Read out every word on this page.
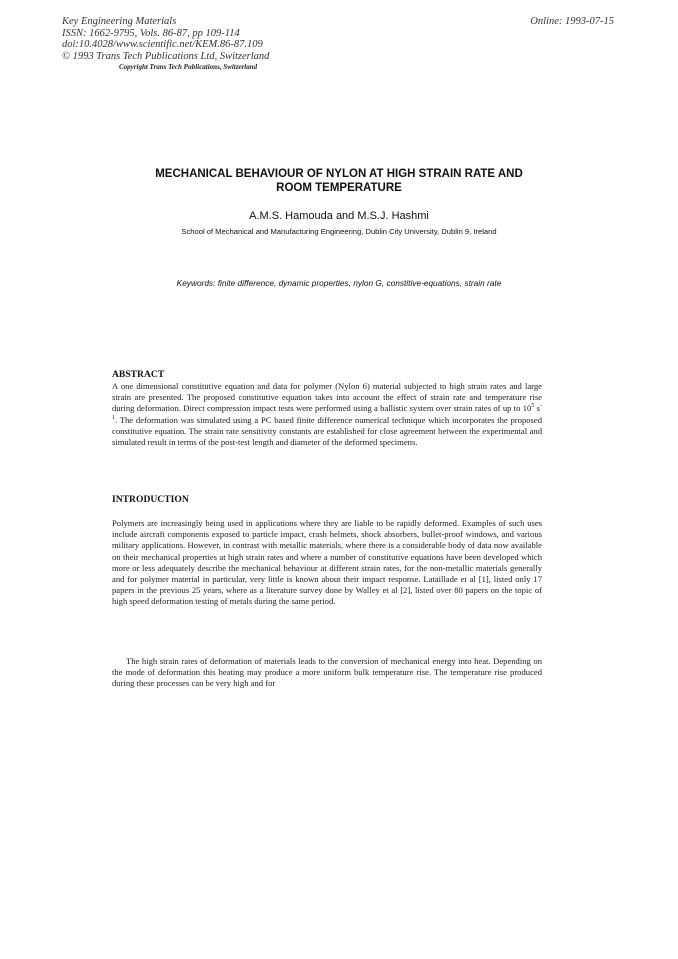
Key Engineering Materials
ISSN: 1662-9795, Vols. 86-87, pp 109-114
doi:10.4028/www.scientific.net/KEM.86-87.109
© 1993 Trans Tech Publications Ltd, Switzerland
Copyright Trans Tech Publications, Switzerland
Online: 1993-07-15
MECHANICAL BEHAVIOUR OF NYLON AT HIGH STRAIN RATE AND
ROOM TEMPERATURE
A.M.S. Hamouda and M.S.J. Hashmi
School of Mechanical and Manufacturing Engineering, Dublin City University, Dublin 9, Ireland
Keywords: finite difference, dynamic properties, nylon G, constitive-equations, strain rate
ABSTRACT

A one dimensional constitutive equation and data for polymer (Nylon 6) material subjected to high strain rates and large strain are presented. The proposed constitutive equation takes into account the effect of strain rate and temperature rise during deformation. Direct compression impact tests were performed using a ballistic system over strain rates of up to $10^5$ $s^{-1}$. The deformation was simulated using a PC based finite difference numerical technique which incorporates the proposed constitutive equation. The strain rate sensitivity constants are established for close agreement between the experimental and simulated result in terms of the post-test length and diameter of the deformed specimens.

INTRODUCTION

Polymers are increasingly being used in applications where they are liable to be rapidly deformed. Examples of such uses include aircraft components exposed to particle impact, crash helmets, shock absorbers, bullet-proof windows, and various military applications. However, in contrast with metallic materials, where there is a considerable body of data now available on their mechanical properties at high strain rates and where a number of constitutive equations have been developed which more or less adequately describe the mechanical behaviour at different strain rates, for the non-metallic materials generally and for polymer material in particular, very little is known about their impact response. Lataillade et al [1], listed only 17 papers in the previous 25 years, where as a literature survey done by Walley et al [2], listed over 80 papers on the topic of high speed deformation testing of metals during the same period.

The high strain rates of deformation of materials leads to the conversion of mechanical energy into heat. Depending on the mode of deformation this heating may produce a more uniform bulk temperature rise. The temperature rise produced during these processes can be very high and for
